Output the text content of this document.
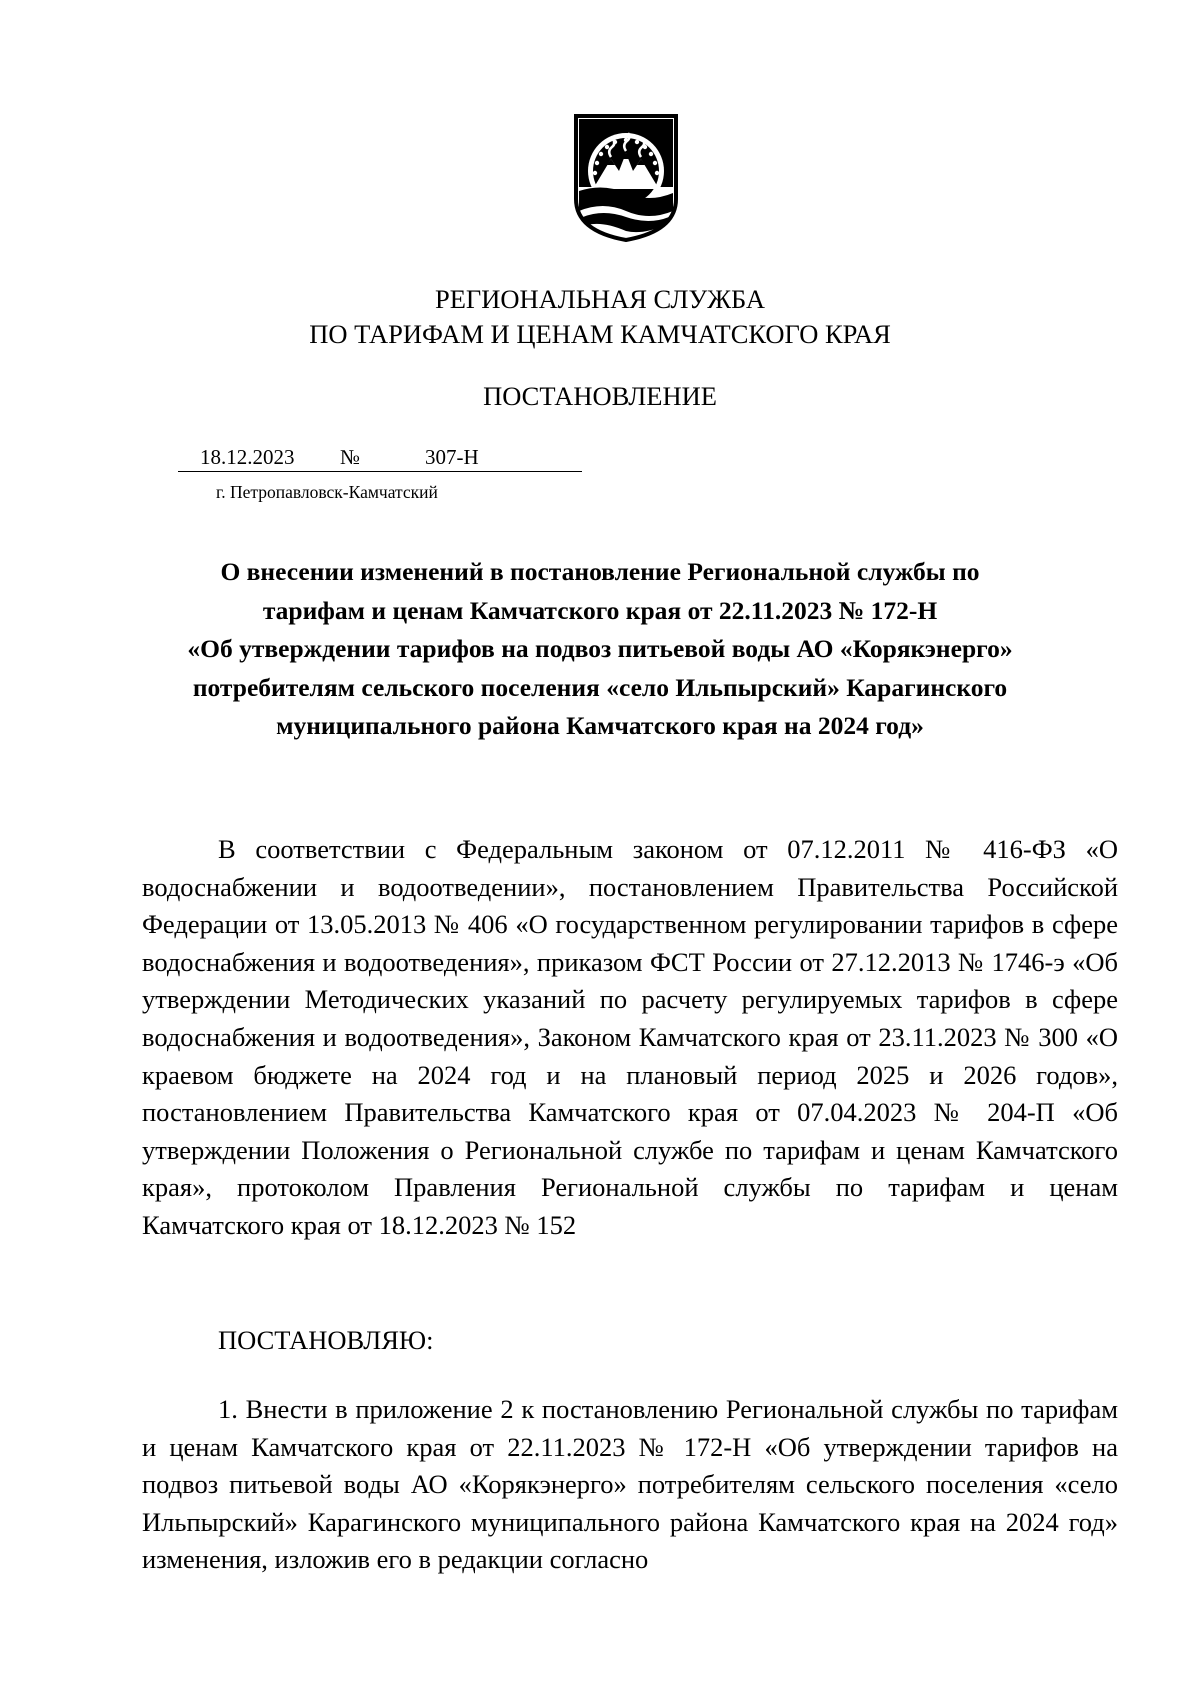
РЕГИОНАЛЬНАЯ СЛУЖБА
ПО ТАРИФАМ И ЦЕНАМ КАМЧАТСКОГО КРАЯ
ПОСТАНОВЛЕНИЕ
18.12.2023 №	307-Н
г. Петропавловск-Камчатский
О внесении изменений в постановление Региональной службы по
тарифам и ценам Камчатского края от 22.11.2023 № 172-Н
«Об утверждении тарифов на подвоз питьевой воды АО «Корякэнерго»
потребителям сельского поселения «село Ильпырский» Карагинского
муниципального района Камчатского края на 2024 год»
В соответствии с Федеральным законом от 07.12.2011 № 416-ФЗ «О водоснабжении и водоотведении», постановлением Правительства Российской Федерации от 13.05.2013 № 406 «О государственном регулировании тарифов в сфере водоснабжения и водоотведения», приказом ФСТ России от 27.12.2013 № 1746-э «Об утверждении Методических указаний по расчету регулируемых тарифов в сфере водоснабжения и водоотведения», Законом Камчатского края от 23.11.2023 № 300 «О краевом бюджете на 2024 год и на плановый период 2025 и 2026 годов», постановлением Правительства Камчатского края от 07.04.2023 № 204-П «Об утверждении Положения о Региональной службе по тарифам и ценам Камчатского края», протоколом Правления Региональной службы по тарифам и ценам Камчатского края от 18.12.2023 № 152
ПОСТАНОВЛЯЮ:
1. Внести в приложение 2 к постановлению Региональной службы по тарифам и ценам Камчатского края от 22.11.2023 № 172-Н «Об утверждении тарифов на подвоз питьевой воды АО «Корякэнерго» потребителям сельского поселения «село Ильпырский» Карагинского муниципального района Камчатского края на 2024 год» изменения, изложив его в редакции согласно
